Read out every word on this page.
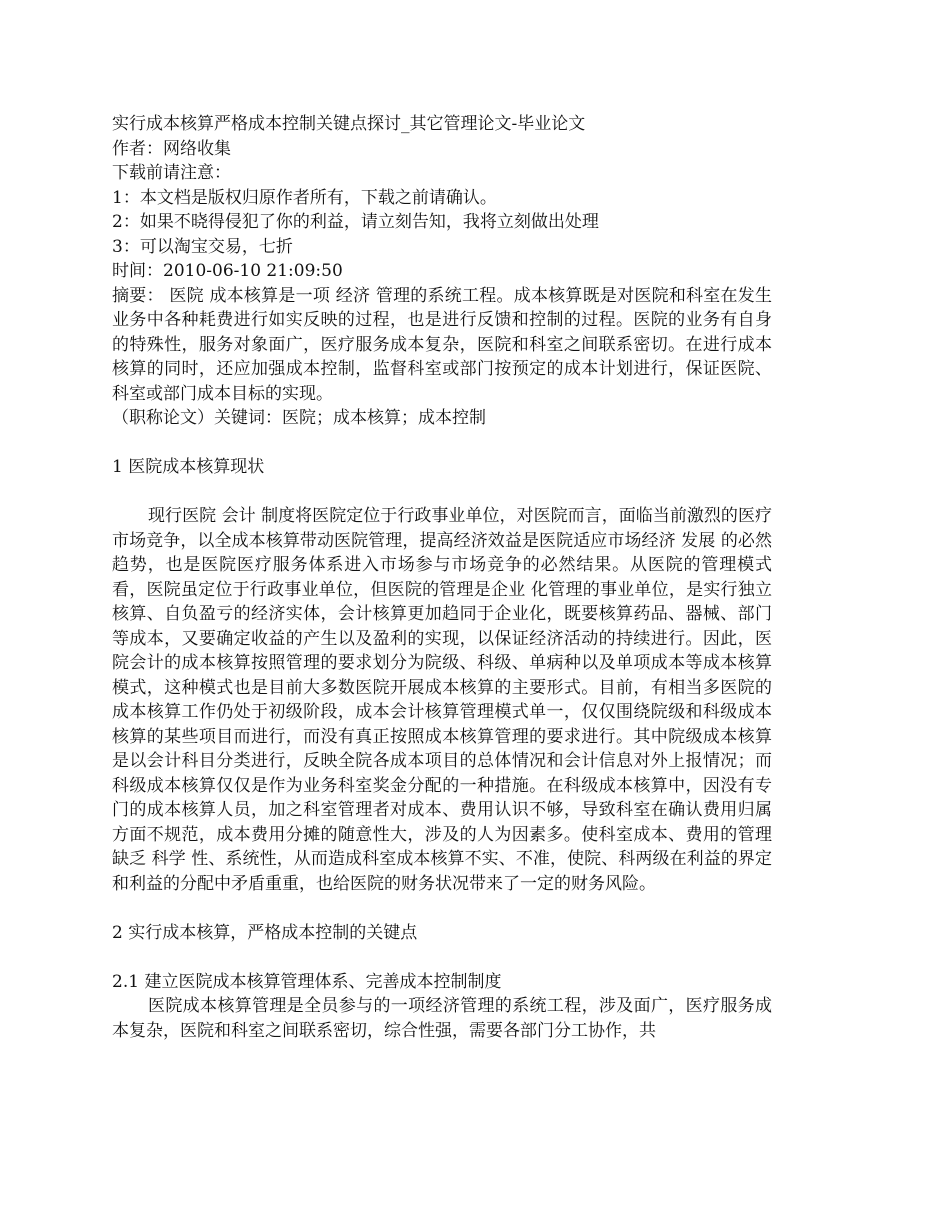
实行成本核算严格成本控制关键点探讨_其它管理论文-毕业论文

作者：网络收集

下载前请注意：

1：本文档是版权归原作者所有，下载之前请确认。

2：如果不晓得侵犯了你的利益，请立刻告知，我将立刻做出处理

3：可以淘宝交易，七折

时间：2010-06-10 21:09:50

摘要： 医院 成本核算是一项 经济 管理的系统工程。成本核算既是对医院和科室在发生业务中各种耗费进行如实反映的过程，也是进行反馈和控制的过程。医院的业务有自身的特殊性，服务对象面广，医疗服务成本复杂，医院和科室之间联系密切。在进行成本核算的同时，还应加强成本控制，监督科室或部门按预定的成本计划进行，保证医院、科室或部门成本目标的实现。

（职称论文）关键词：医院；成本核算；成本控制

1 医院成本核算现状

现行医院 会计 制度将医院定位于行政事业单位，对医院而言，面临当前激烈的医疗市场竞争，以全成本核算带动医院管理，提高经济效益是医院适应市场经济 发展 的必然趋势，也是医院医疗服务体系进入市场参与市场竞争的必然结果。从医院的管理模式看，医院虽定位于行政事业单位，但医院的管理是企业 化管理的事业单位，是实行独立核算、自负盈亏的经济实体，会计核算更加趋同于企业化，既要核算药品、器械、部门等成本，又要确定收益的产生以及盈利的实现，以保证经济活动的持续进行。因此，医院会计的成本核算按照管理的要求划分为院级、科级、单病种以及单项成本等成本核算模式，这种模式也是目前大多数医院开展成本核算的主要形式。目前，有相当多医院的成本核算工作仍处于初级阶段，成本会计核算管理模式单一，仅仅围绕院级和科级成本核算的某些项目而进行，而没有真正按照成本核算管理的要求进行。其中院级成本核算是以会计科目分类进行，反映全院各成本项目的总体情况和会计信息对外上报情况；而科级成本核算仅仅是作为业务科室奖金分配的一种措施。在科级成本核算中，因没有专门的成本核算人员，加之科室管理者对成本、费用认识不够，导致科室在确认费用归属方面不规范，成本费用分摊的随意性大，涉及的人为因素多。使科室成本、费用的管理缺乏 科学 性、系统性，从而造成科室成本核算不实、不准，使院、科两级在利益的界定和利益的分配中矛盾重重，也给医院的财务状况带来了一定的财务风险。

2 实行成本核算，严格成本控制的关键点

2.1 建立医院成本核算管理体系、完善成本控制制度

医院成本核算管理是全员参与的一项经济管理的系统工程，涉及面广，医疗服务成本复杂，医院和科室之间联系密切，综合性强，需要各部门分工协作，共
